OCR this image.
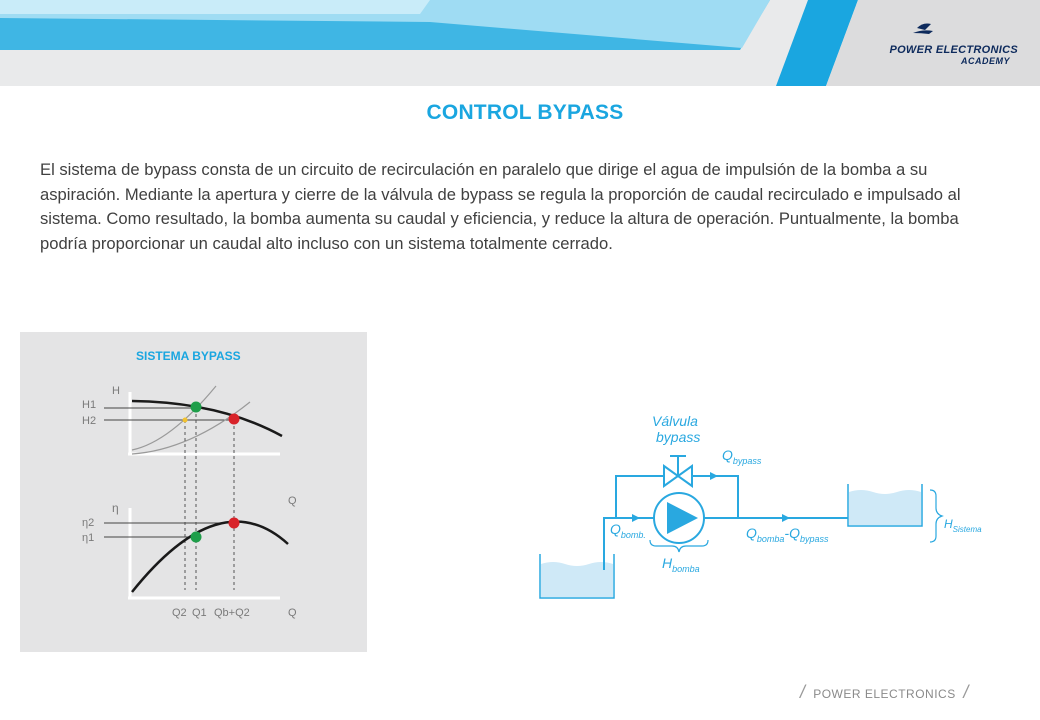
POWER ELECTRONICS
ACADEMY
CONTROL BYPASS

El sistema de bypass consta de un circuito de recirculación en paralelo que dirige el agua de impulsión de la bomba a su aspiración. Mediante la apertura y cierre de la válvula de bypass se regula la proporción de caudal recirculado e impulsado al sistema. Como resultado, la bomba aumenta su caudal y eficiencia, y reduce la altura de operación. Puntualmente, la bomba podría proporcionar un caudal alto incluso con un sistema totalmente cerrado.

SISTEMA BYPASS
H
Q
H1
H2
η
Q
η2
η1
Q2 Q1 Qb+Q2
Válvula
bypass
$Q_{bypass}$
$Q_{bomb.}$
$H_{bomba}$
$Q_{bomba}-Q_{bypass}$
$H_{Sistema}$
/ POWER ELECTRONICS /
